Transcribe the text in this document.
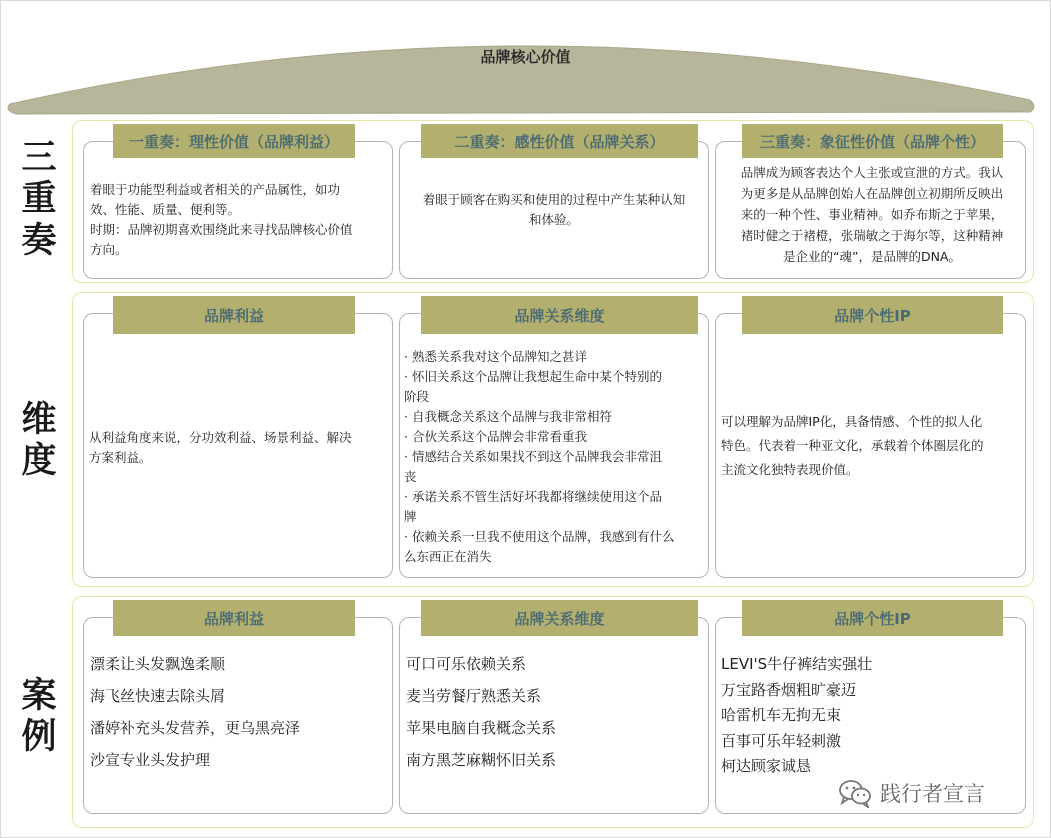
品牌核心价值
三
重
奏
维
度
案
例
一重奏：理性价值（品牌利益）
着眼于功能型利益或者相关的产品属性，如功
效、性能、质量、便利等。
时期：品牌初期喜欢围绕此来寻找品牌核心价值
方向。
二重奏：感性价值（品牌关系）
着眼于顾客在购买和使用的过程中产生某种认知
和体验。
三重奏：象征性价值（品牌个性）
品牌成为顾客表达个人主张或宣泄的方式。我认
为更多是从品牌创始人在品牌创立初期所反映出
来的一种个性、事业精神。如乔布斯之于苹果，
褚时健之于褚橙，张瑞敏之于海尔等，这种精神
是企业的“魂”，是品牌的DNA。
品牌利益
从利益角度来说，分功效利益、场景利益、解决
方案利益。
品牌关系维度
· 熟悉关系我对这个品牌知之甚详
· 怀旧关系这个品牌让我想起生命中某个特别的
阶段
· 自我概念关系这个品牌与我非常相符
· 合伙关系这个品牌会非常看重我
· 情感结合关系如果找不到这个品牌我会非常沮
丧
· 承诺关系不管生活好坏我都将继续使用这个品
牌
· 依赖关系一旦我不使用这个品牌，我感到有什么
么东西正在消失
品牌个性IP
可以理解为品牌IP化，具备情感、个性的拟人化
特色。代表着一种亚文化，承载着个体圈层化的
主流文化独特表现价值。
品牌利益
漂柔让头发飘逸柔顺
海飞丝快速去除头屑
潘婷补充头发营养，更乌黑亮泽
沙宣专业头发护理
品牌关系维度
可口可乐依赖关系
麦当劳餐厅熟悉关系
苹果电脑自我概念关系
南方黑芝麻糊怀旧关系
品牌个性IP
LEVI'S牛仔裤结实强壮
万宝路香烟粗旷豪迈
哈雷机车无拘无束
百事可乐年轻刺激
柯达顾家诚恳
践行者宣言
